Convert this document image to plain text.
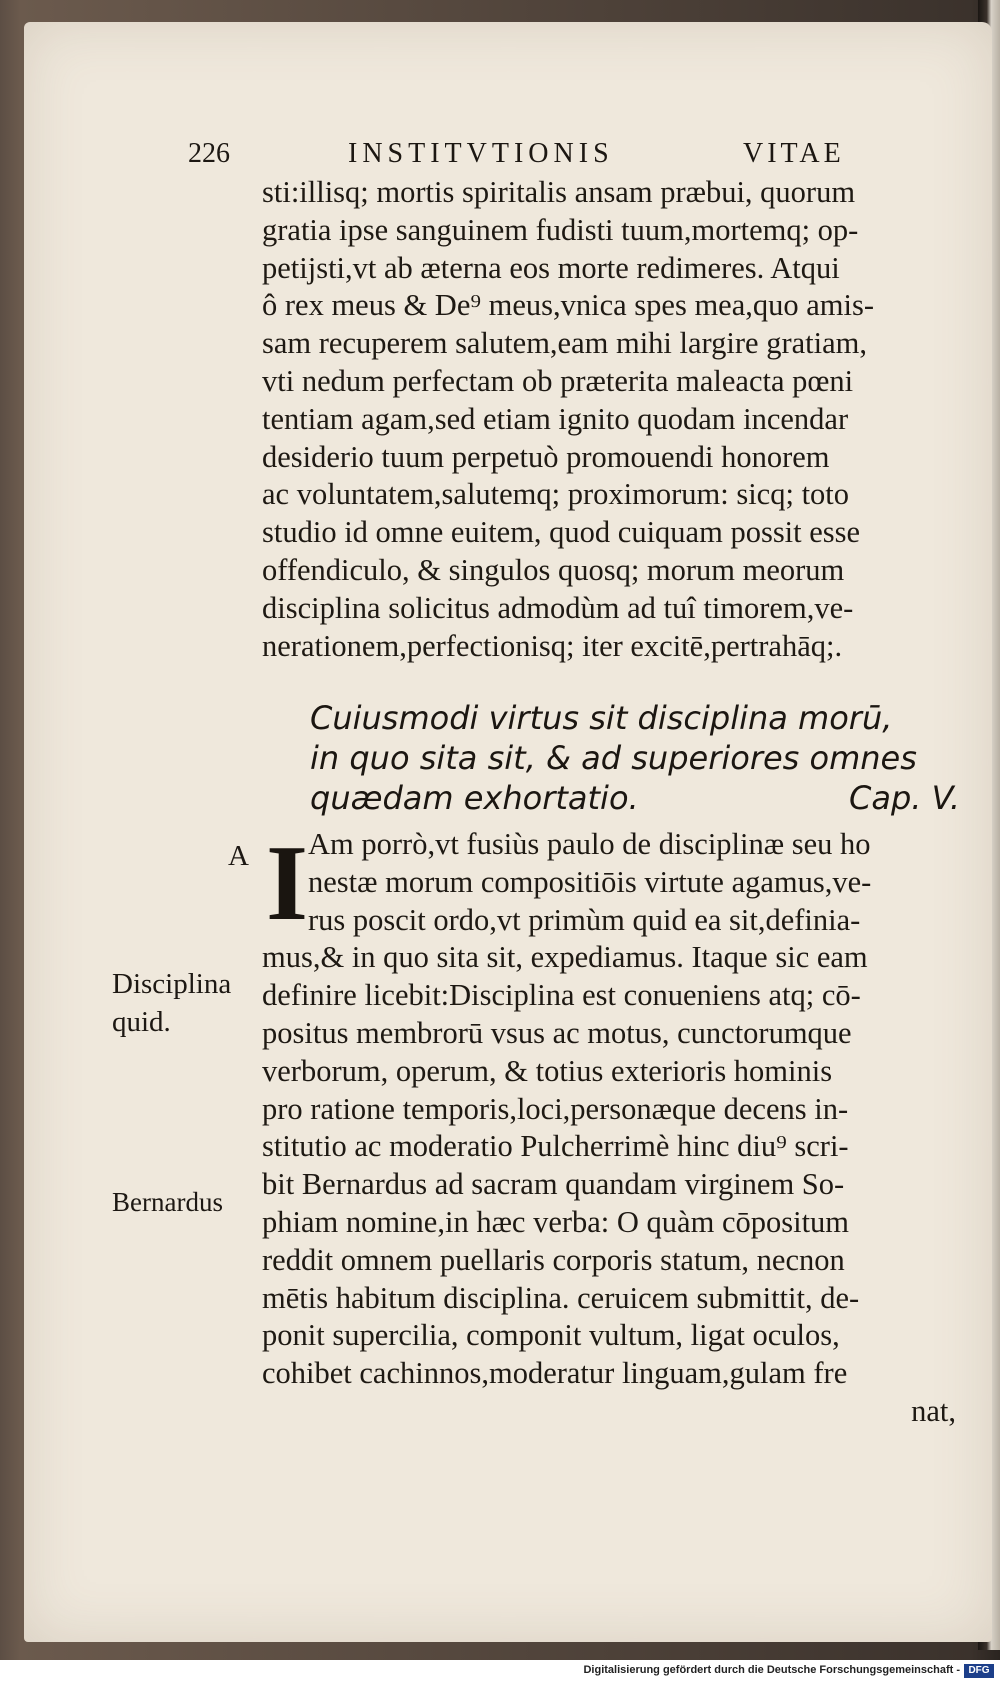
226	INSTITVTIONIS	VITAE
sti:illisq; mortis spiritalis ansam præbui, quorum
gratia ipse sanguinem fudisti tuum,mortemq; op-
petijsti,vt ab æterna eos morte redimeres. Atqui
ô rex meus & De⁹ meus,vnica spes mea,quo amis-
sam recuperem salutem,eam mihi largire gratiam,
vti nedum perfectam ob præterita maleacta pœni
tentiam agam,sed etiam ignito quodam incendar
desiderio tuum perpetuò promouendi honorem
ac voluntatem,salutemq; proximorum: sicq; toto
studio id omne euitem, quod cuiquam possit esse
offendiculo, & singulos quosq; morum meorum
disciplina solicitus admodùm ad tuî timorem,ve-
nerationem,perfectionisq; iter excitē,pertrahāq;.
Cuiusmodi virtus sit disciplina morū,
in quo sita sit, & ad superiores omnes
quædam exhortatio.	Cap. V.
A
Disciplina
quid.
Bernardus
I Am porrò,vt fusiùs paulo de disciplinæ seu ho
nestæ morum compositiōis virtute agamus,ve-
rus poscit ordo,vt primùm quid ea sit,definia-
mus,& in quo sita sit, expediamus. Itaque sic eam
definire licebit:Disciplina est conueniens atq; cō-
positus membrorū vsus ac motus, cunctorumque
verborum, operum, & totius exterioris hominis
pro ratione temporis,loci,personæque decens in-
stitutio ac moderatio Pulcherrimè hinc diu⁹ scri-
bit Bernardus ad sacram quandam virginem So-
phiam nomine,in hæc verba: O quàm cōpositum
reddit omnem puellaris corporis statum, necnon
mētis habitum disciplina. ceruicem submittit, de-
ponit supercilia, componit vultum, ligat oculos,
cohibet cachinnos,moderatur linguam,gulam fre
nat,
Digitalisierung gefördert durch die Deutsche Forschungsgemeinschaft - DFG
